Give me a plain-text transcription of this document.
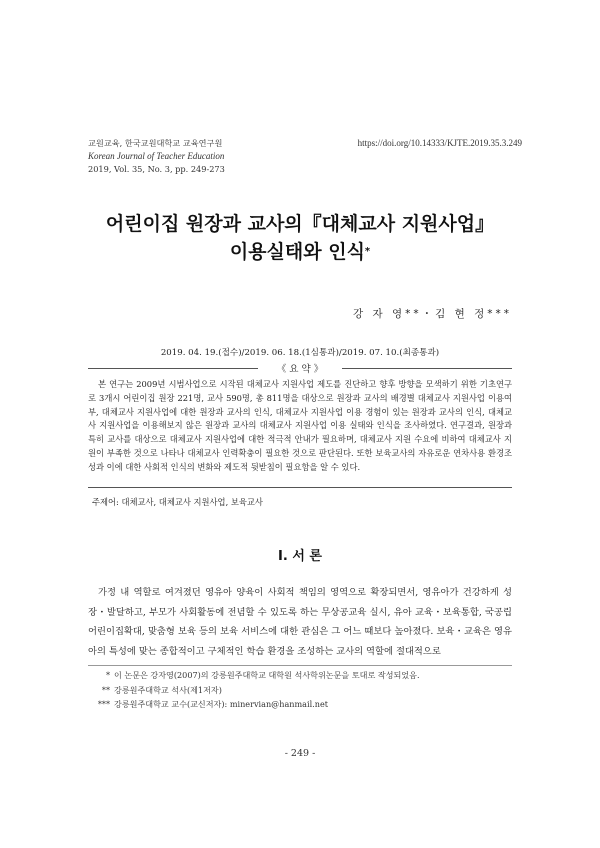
교원교육, 한국교원대학교 교육연구원
Korean Journal of Teacher Education
2019, Vol. 35, No. 3, pp. 249-273
https://doi.org/10.14333/KJTE.2019.35.3.249
어린이집 원장과 교사의『대체교사 지원사업』
이용실태와 인식*
강 자 영**・김 현 정***
2019. 04. 19.(접수)/2019. 06. 18.(1심통과)/2019. 07. 10.(최종통과)
《 요 약 》

본 연구는 2009년 시범사업으로 시작된 대체교사 지원사업 제도를 진단하고 향후 방향을 모색하기 위한 기초연구로 3개시 어린이집 원장 221명, 교사 590명, 총 811명을 대상으로 원장과 교사의 배경별 대체교사 지원사업 이용여부, 대체교사 지원사업에 대한 원장과 교사의 인식, 대체교사 지원사업 이용 경험이 있는 원장과 교사의 인식, 대체교사 지원사업을 이용해보지 않은 원장과 교사의 대체교사 지원사업 이용 실태와 인식을 조사하였다. 연구결과, 원장과 특히 교사를 대상으로 대체교사 지원사업에 대한 적극적 안내가 필요하며, 대체교사 지원 수요에 비하여 대체교사 지원이 부족한 것으로 나타나 대체교사 인력확충이 필요한 것으로 판단된다. 또한 보육교사의 자유로운 연차사용 환경조성과 이에 대한 사회적 인식의 변화와 제도적 뒷받침이 필요함을 알 수 있다.

주제어: 대체교사, 대체교사 지원사업, 보육교사
Ⅰ. 서 론

가정 내 역할로 여겨졌던 영유아 양육이 사회적 책임의 영역으로 확장되면서, 영유아가 건강하게 성장・발달하고, 부모가 사회활동에 전념할 수 있도록 하는 무상공교육 실시, 유아 교육・보육통합, 국공립어린이집확대, 맞춤형 보육 등의 보육 서비스에 대한 관심은 그 어느 때보다 높아졌다. 보육・교육은 영유아의 특성에 맞는 종합적이고 구체적인 학습 환경을 조성하는 교사의 역할에 절대적으로

* 이 논문은 강자영(2007)의 강릉원주대학교 대학원 석사학위논문을 토대로 작성되었음.
** 강릉원주대학교 석사(제1저자)
*** 강릉원주대학교 교수(교신저자): minervian@hanmail.net
- 249 -
